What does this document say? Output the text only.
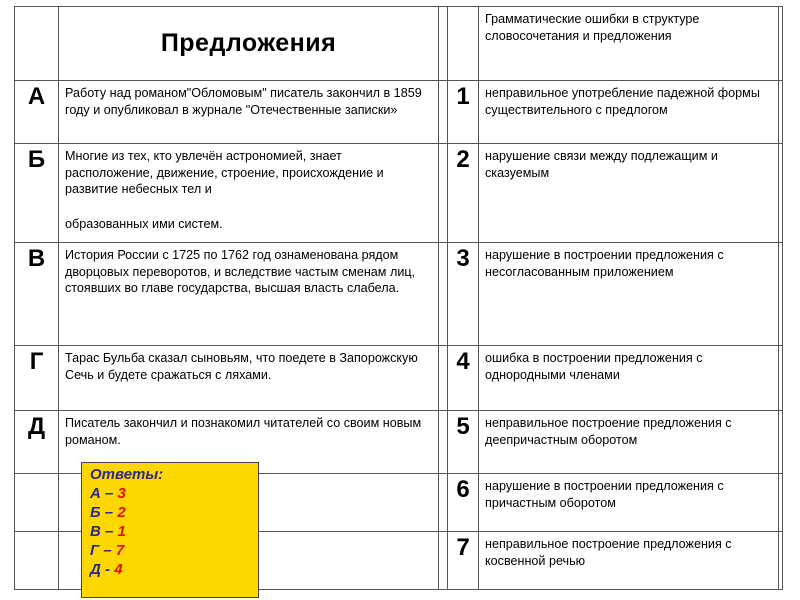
	Предложения			Грамматические ошибки в структуре словосочетания и предложения	
А	Работу над романом"Обломовым" писатель закончил в 1859 году и опубликовал в журнале "Отечественные записки»		1	неправильное употребление падежной формы существительного с предлогом	
Б	Многие из тех, кто увлечён астрономией, знает расположение, движение, строение, происхождение и развитие небесных тел и
образованных ими систем.		2	нарушение связи между подлежащим и сказуемым	
В	История России с 1725 по 1762 год ознаменована рядом дворцовых переворотов, и вследствие частым сменам лиц, стоявших во главе государства, высшая власть слабела.		3	нарушение в построении предложения с несогласованным приложением	
Г	Тарас Бульба сказал сыновьям, что поедете в Запорожскую Сечь и будете сражаться с ляхами.		4	ошибка в построении предложения с однородными членами	
Д	Писатель закончил и познакомил читателей со своим новым романом.		5	неправильное построение предложения с деепричастным оборотом	
			6	нарушение в построении предложения с причастным оборотом	
			7	неправильное построение предложения с косвенной речью	
Ответы:
А – 3
Б – 2
В – 1
Г – 7
Д - 4
